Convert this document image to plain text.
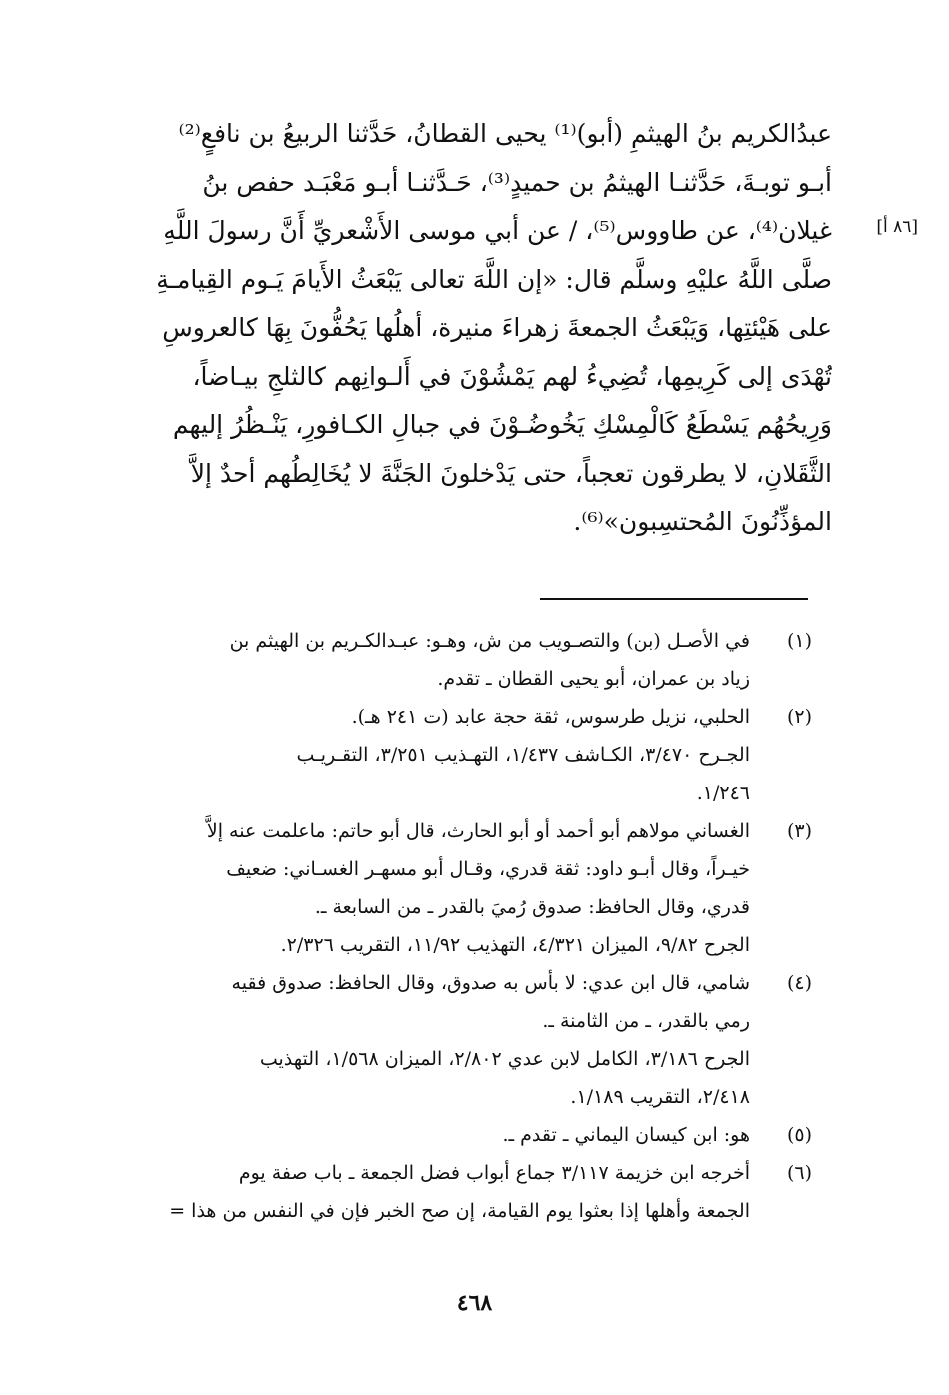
[٨٦ أ]
عبدُالكريم بنُ الهيثمِ (أبو)⁽¹⁾ يحيى القطانُ، حَدَّثنا الربيعُ بن نافعٍ⁽²⁾
أبـو توبـةَ، حَدَّثنـا الهيثمُ بن حميدٍ⁽³⁾، حَـدَّثنـا أبـو مَعْبَـد حفص بنُ
غيلان⁽⁴⁾، عن طاووس⁽⁵⁾، / عن أبي موسى الأَشْعريِّ أَنَّ رسولَ اللَّهِ
صلَّى اللَّهُ عليْهِ وسلَّم قال: «إن اللَّهَ تعالى يَبْعَثُ الأَيامَ يَـوم القِيامـةِ
على هَيْئتِها، وَيَبْعَثُ الجمعةَ زهراءَ منيرة، أهلُها يَحُفُّونَ بِهَا كالعروسِ
تُهْدَى إلى كَرِيمِها، تُضِيءُ لهم يَمْشُوْنَ في أَلـوانِهم كالثلجِ بيـاضاً،
وَرِيحُهُم يَسْطَعُ كَالْمِسْكِ يَخُوضُـوْنَ في جبالِ الكـافورِ، يَنْـظُرُ إليهم
الثَّقَلانِ، لا يطرقون تعجباً، حتى يَدْخلونَ الجَنَّةَ لا يُخَالِطُهم أحدٌ إلاَّ
المؤذِّنُونَ المُحتسِبون»⁽⁶⁾.
(١)
في الأصـل (بن) والتصـويب من ش، وهـو: عبـدالكـريم بن الهيثم بن
زياد بن عمران، أبو يحيى القطان ـ تقدم.
(٢)
الحلبي، نزيل طرسوس، ثقة حجة عابد (ت ٢٤١ هـ).
الجـرح ٣/٤٧٠، الكـاشف ١/٤٣٧، التهـذيب ٣/٢٥١، التقـريـب
١/٢٤٦.
(٣)
الغساني مولاهم أبو أحمد أو أبو الحارث، قال أبو حاتم: ماعلمت عنه إلاَّ
خيـراً، وقال أبـو داود: ثقة قدري، وقـال أبو مسهـر الغسـاني: ضعيف
قدري، وقال الحافظ: صدوق رُميَ بالقدر ـ من السابعة ـ.
الجرح ٩/٨٢، الميزان ٤/٣٢١، التهذيب ١١/٩٢، التقريب ٢/٣٢٦.
(٤)
شامي، قال ابن عدي: لا بأس به صدوق، وقال الحافظ: صدوق فقيه
رمي بالقدر، ـ من الثامنة ـ.
الجرح ٣/١٨٦، الكامل لابن عدي ٢/٨٠٢، الميزان ١/٥٦٨، التهذيب
٢/٤١٨، التقريب ١/١٨٩.
(٥)
هو: ابن كيسان اليماني ـ تقدم ـ.
(٦)
أخرجه ابن خزيمة ٣/١١٧ جماع أبواب فضل الجمعة ـ باب صفة يوم
الجمعة وأهلها إذا بعثوا يوم القيامة، إن صح الخبر فإن في النفس من هذا =
٤٦٨
